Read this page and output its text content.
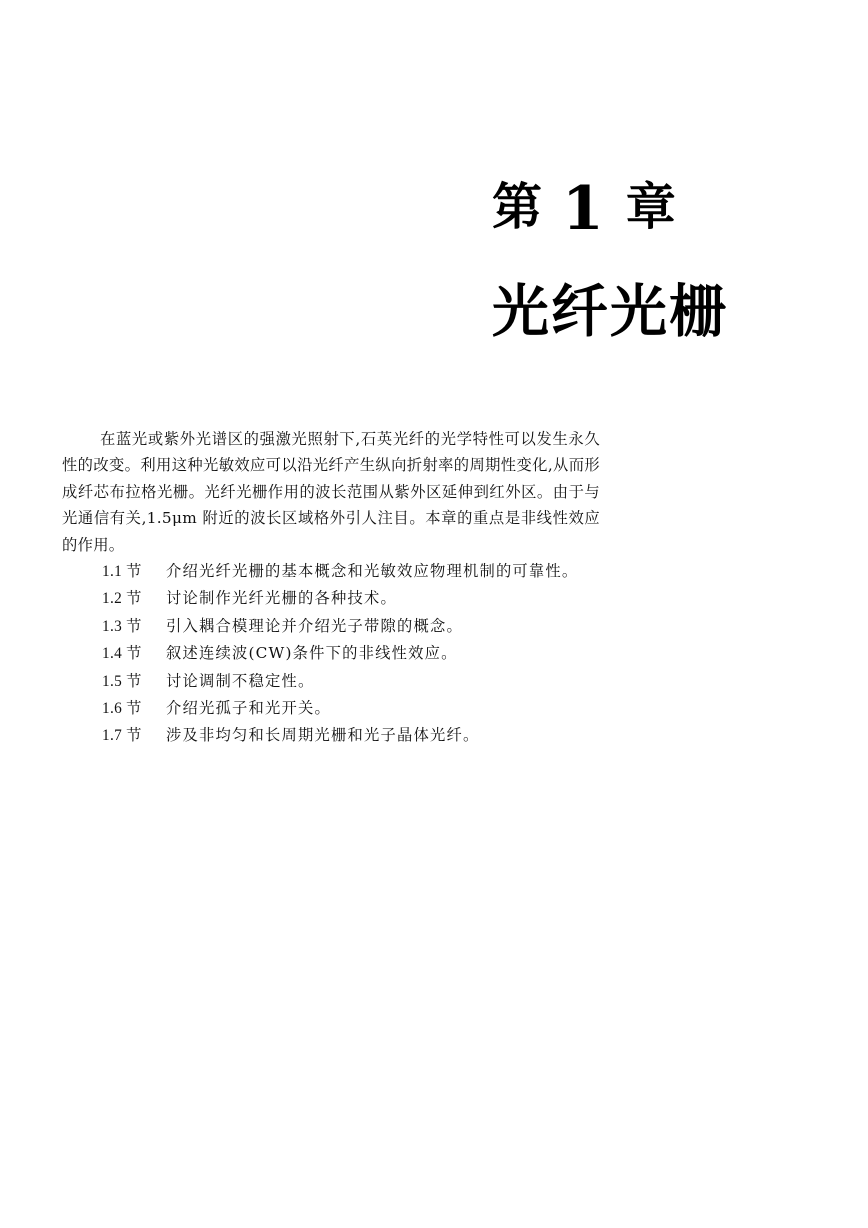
第 1 章
光纤光栅

在蓝光或紫外光谱区的强激光照射下,石英光纤的光学特性可以发生永久性的改变。利用这种光敏效应可以沿光纤产生纵向折射率的周期性变化,从而形成纤芯布拉格光栅。光纤光栅作用的波长范围从紫外区延伸到红外区。由于与光通信有关,1.5μm 附近的波长区域格外引人注目。本章的重点是非线性效应的作用。

1.1 节 介绍光纤光栅的基本概念和光敏效应物理机制的可靠性。
1.2 节 讨论制作光纤光栅的各种技术。
1.3 节 引入耦合模理论并介绍光子带隙的概念。
1.4 节 叙述连续波(CW)条件下的非线性效应。
1.5 节 讨论调制不稳定性。
1.6 节 介绍光孤子和光开关。
1.7 节 涉及非均匀和长周期光栅和光子晶体光纤。
